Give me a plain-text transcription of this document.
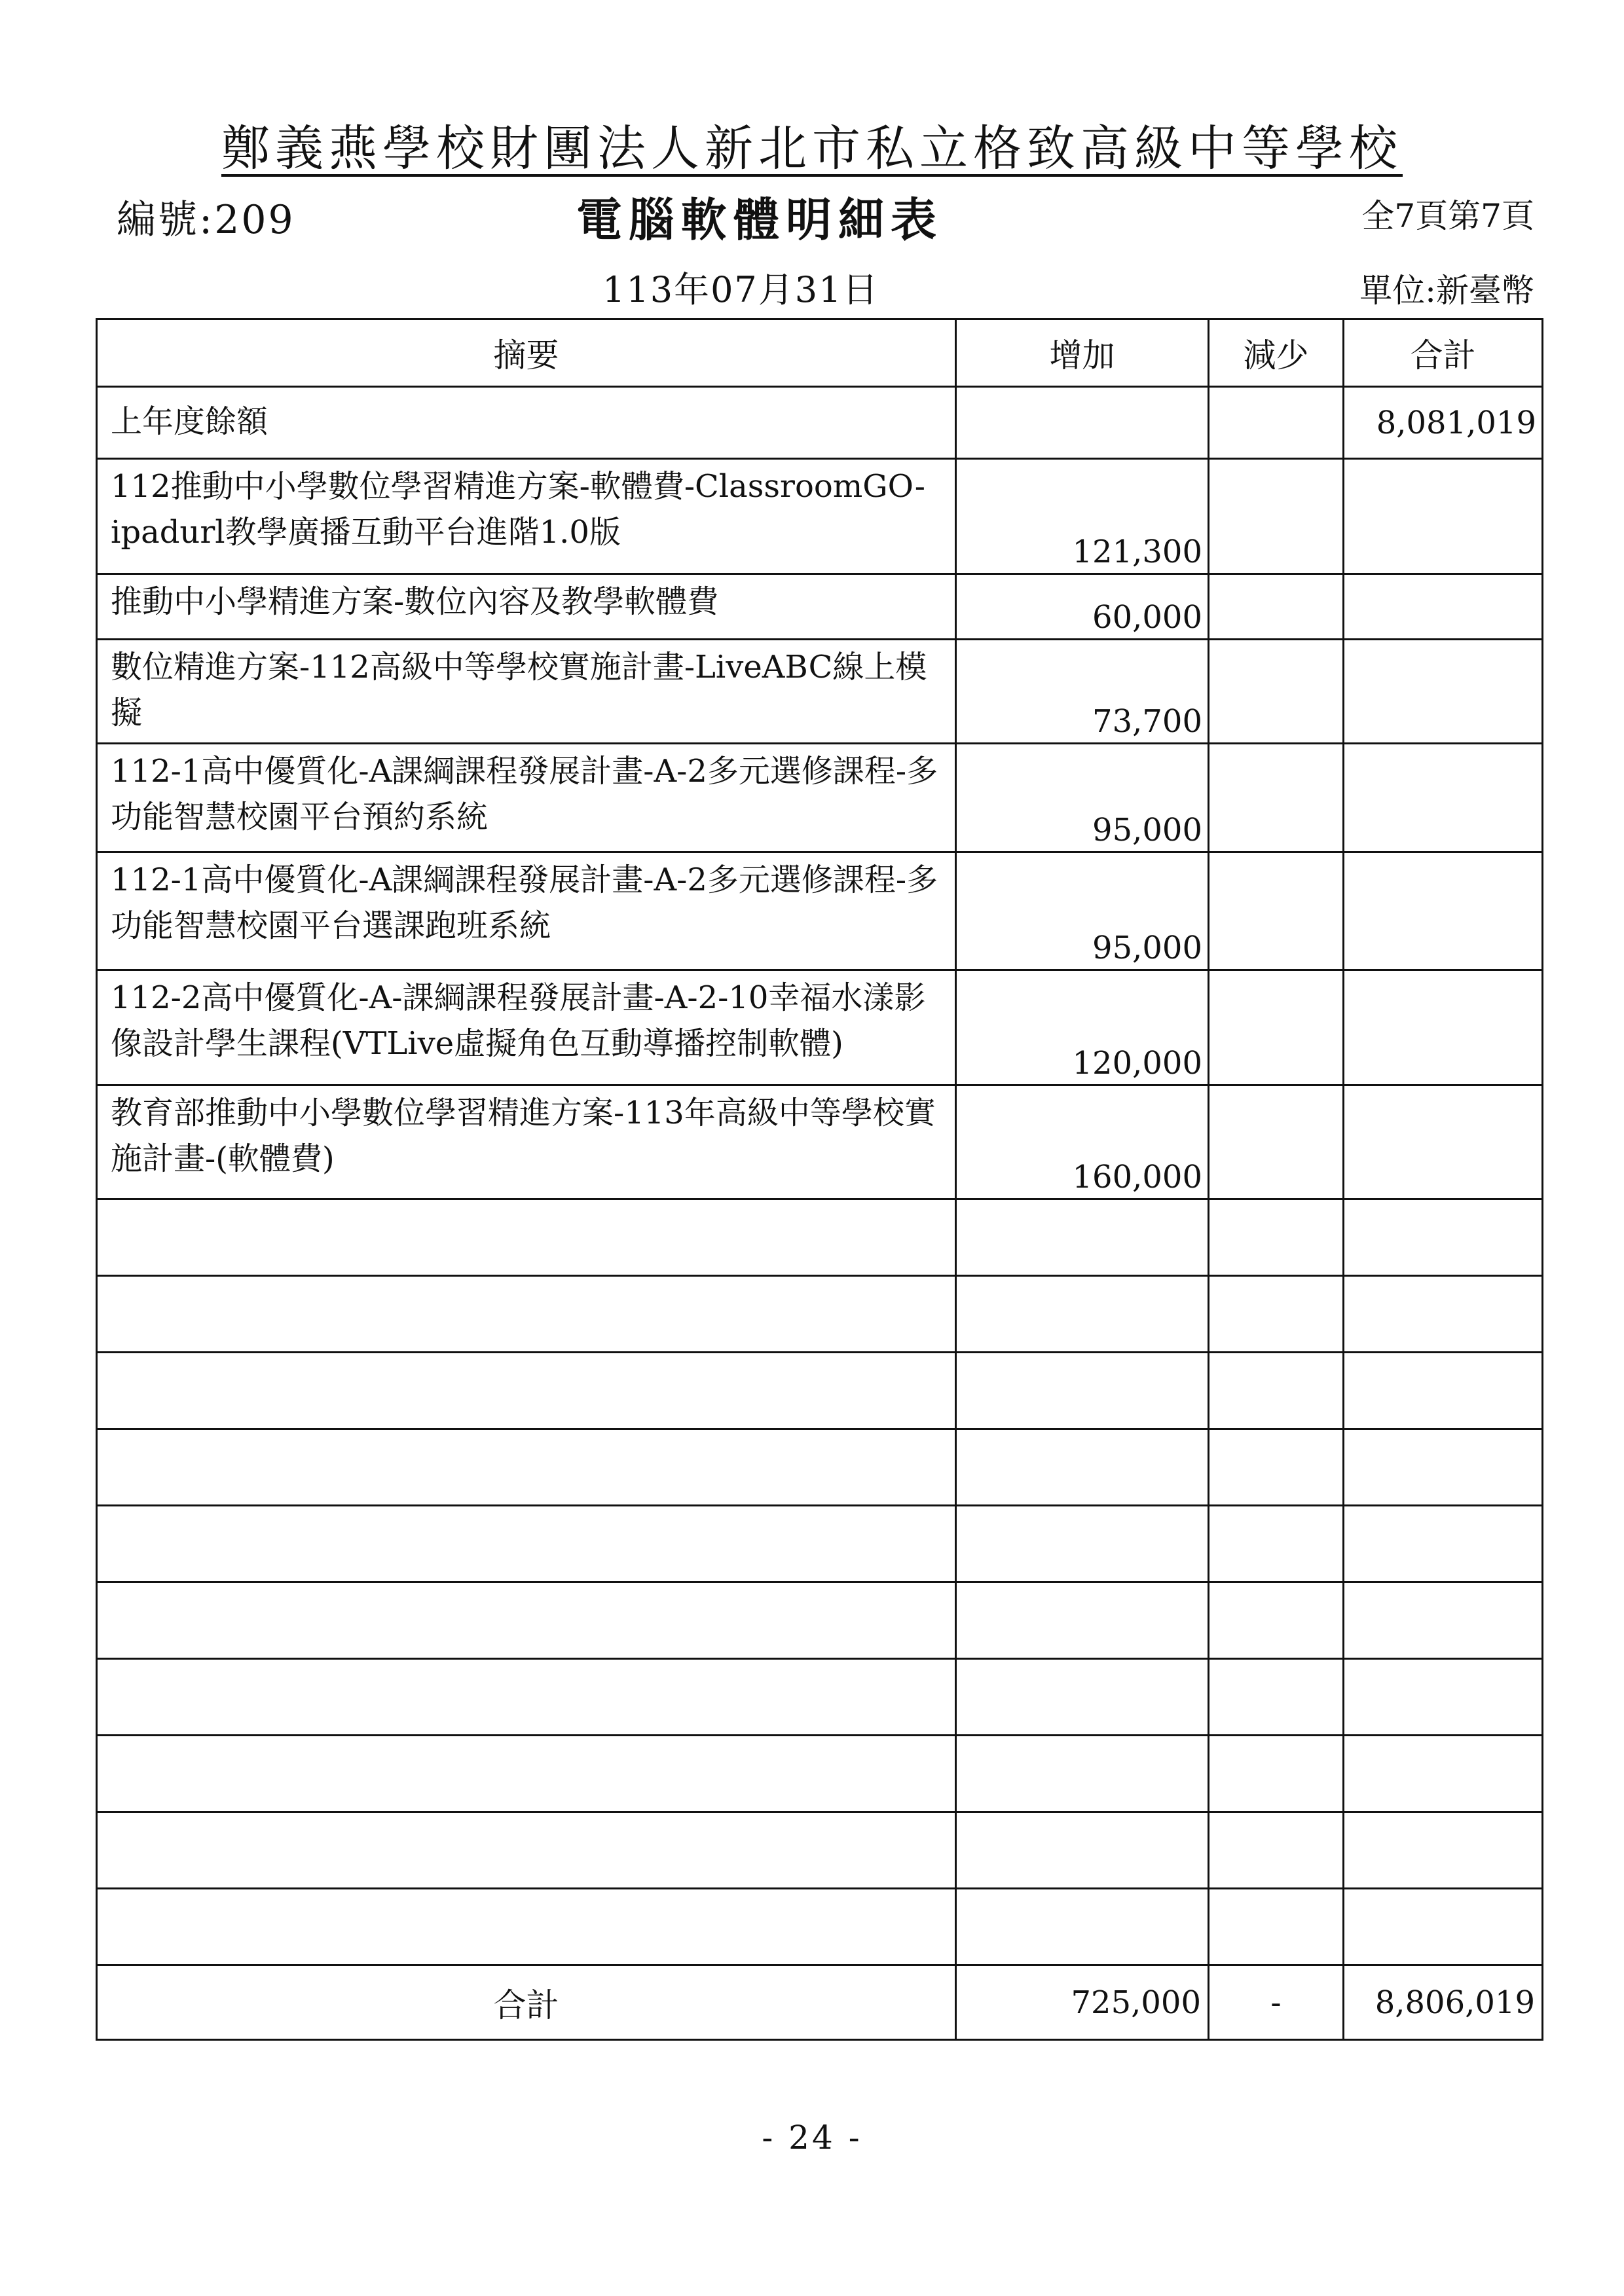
鄭義燕學校財團法人新北市私立格致高級中等學校
編號:209	電腦軟體明細表	全7頁第7頁
113年07月31日	單位:新臺幣
摘要	增加	減少	合計
上年度餘額			8,081,019
112推動中小學數位學習精進方案-軟體費-ClassroomGO-ipadurl教學廣播互動平台進階1.0版	121,300		
推動中小學精進方案-數位內容及教學軟體費	60,000		
數位精進方案-112高級中等學校實施計畫-LiveABC線上模擬	73,700		
112-1高中優質化-A課綱課程發展計畫-A-2多元選修課程-多功能智慧校園平台預約系統	95,000		
112-1高中優質化-A課綱課程發展計畫-A-2多元選修課程-多功能智慧校園平台選課跑班系統	95,000		
112-2高中優質化-A-課綱課程發展計畫-A-2-10幸福水漾影像設計學生課程(VTLive虛擬角色互動導播控制軟體)	120,000		
教育部推動中小學數位學習精進方案-113年高級中等學校實施計畫-(軟體費)	160,000		

合計	725,000	-	8,806,019
- 24 -
